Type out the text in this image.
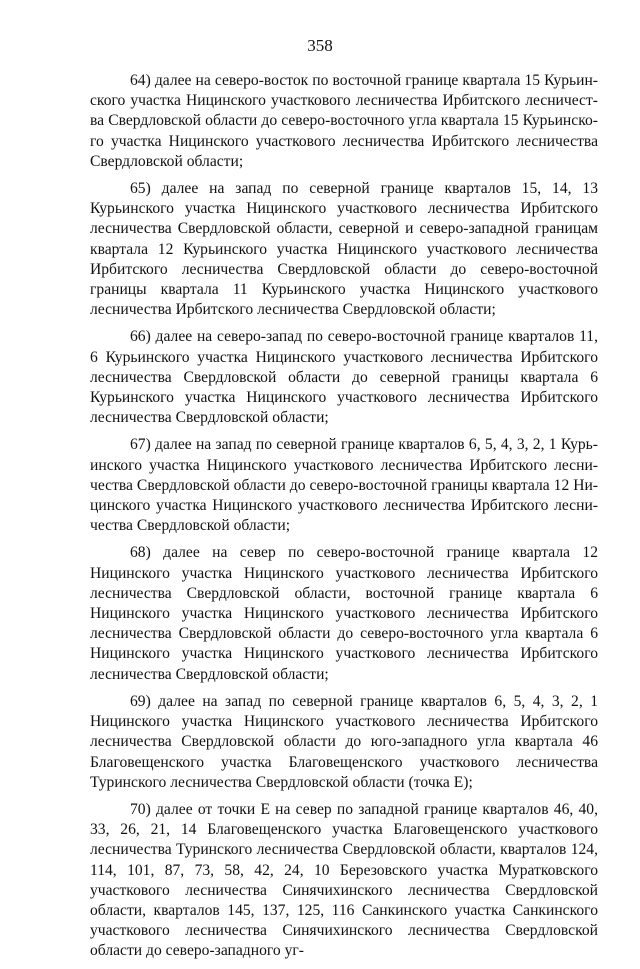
358

64) далее на северо-восток по восточной границе квартала 15 Курьинского участка Ницинского участкового лесничества Ирбитского лесничества Свердловской области до северо-восточного угла квартала 15 Курьинского участка Ницинского участкового лесничества Ирбитского лесничества Свердловской области;

65) далее на запад по северной границе кварталов 15, 14, 13 Курьинского участка Ницинского участкового лесничества Ирбитского лесничества Свердловской области, северной и северо-западной границам квартала 12 Курьинского участка Ницинского участкового лесничества Ирбитского лесничества Свердловской области до северо-восточной границы квартала 11 Курьинского участка Ницинского участкового лесничества Ирбитского лесничества Свердловской области;

66) далее на северо-запад по северо-восточной границе кварталов 11, 6 Курьинского участка Ницинского участкового лесничества Ирбитского лесничества Свердловской области до северной границы квартала 6 Курьинского участка Ницинского участкового лесничества Ирбитского лесничества Свердловской области;

67) далее на запад по северной границе кварталов 6, 5, 4, 3, 2, 1 Курьинского участка Ницинского участкового лесничества Ирбитского лесничества Свердловской области до северо-восточной границы квартала 12 Ницинского участка Ницинского участкового лесничества Ирбитского лесничества Свердловской области;

68) далее на север по северо-восточной границе квартала 12 Ницинского участка Ницинского участкового лесничества Ирбитского лесничества Свердловской области, восточной границе квартала 6 Ницинского участка Ницинского участкового лесничества Ирбитского лесничества Свердловской области до северо-восточного угла квартала 6 Ницинского участка Ницинского участкового лесничества Ирбитского лесничества Свердловской области;

69) далее на запад по северной границе кварталов 6, 5, 4, 3, 2, 1 Ницинского участка Ницинского участкового лесничества Ирбитского лесничества Свердловской области до юго-западного угла квартала 46 Благовещенского участка Благовещенского участкового лесничества Туринского лесничества Свердловской области (точка Е);

70) далее от точки Е на север по западной границе кварталов 46, 40, 33, 26, 21, 14 Благовещенского участка Благовещенского участкового лесничества Туринского лесничества Свердловской области, кварталов 124, 114, 101, 87, 73, 58, 42, 24, 10 Березовского участка Муратковского участкового лесничества Синячихинского лесничества Свердловской области, кварталов 145, 137, 125, 116 Санкинского участка Санкинского участкового лесничества Синячихинского лесничества Свердловской области до северо-западного уг-
